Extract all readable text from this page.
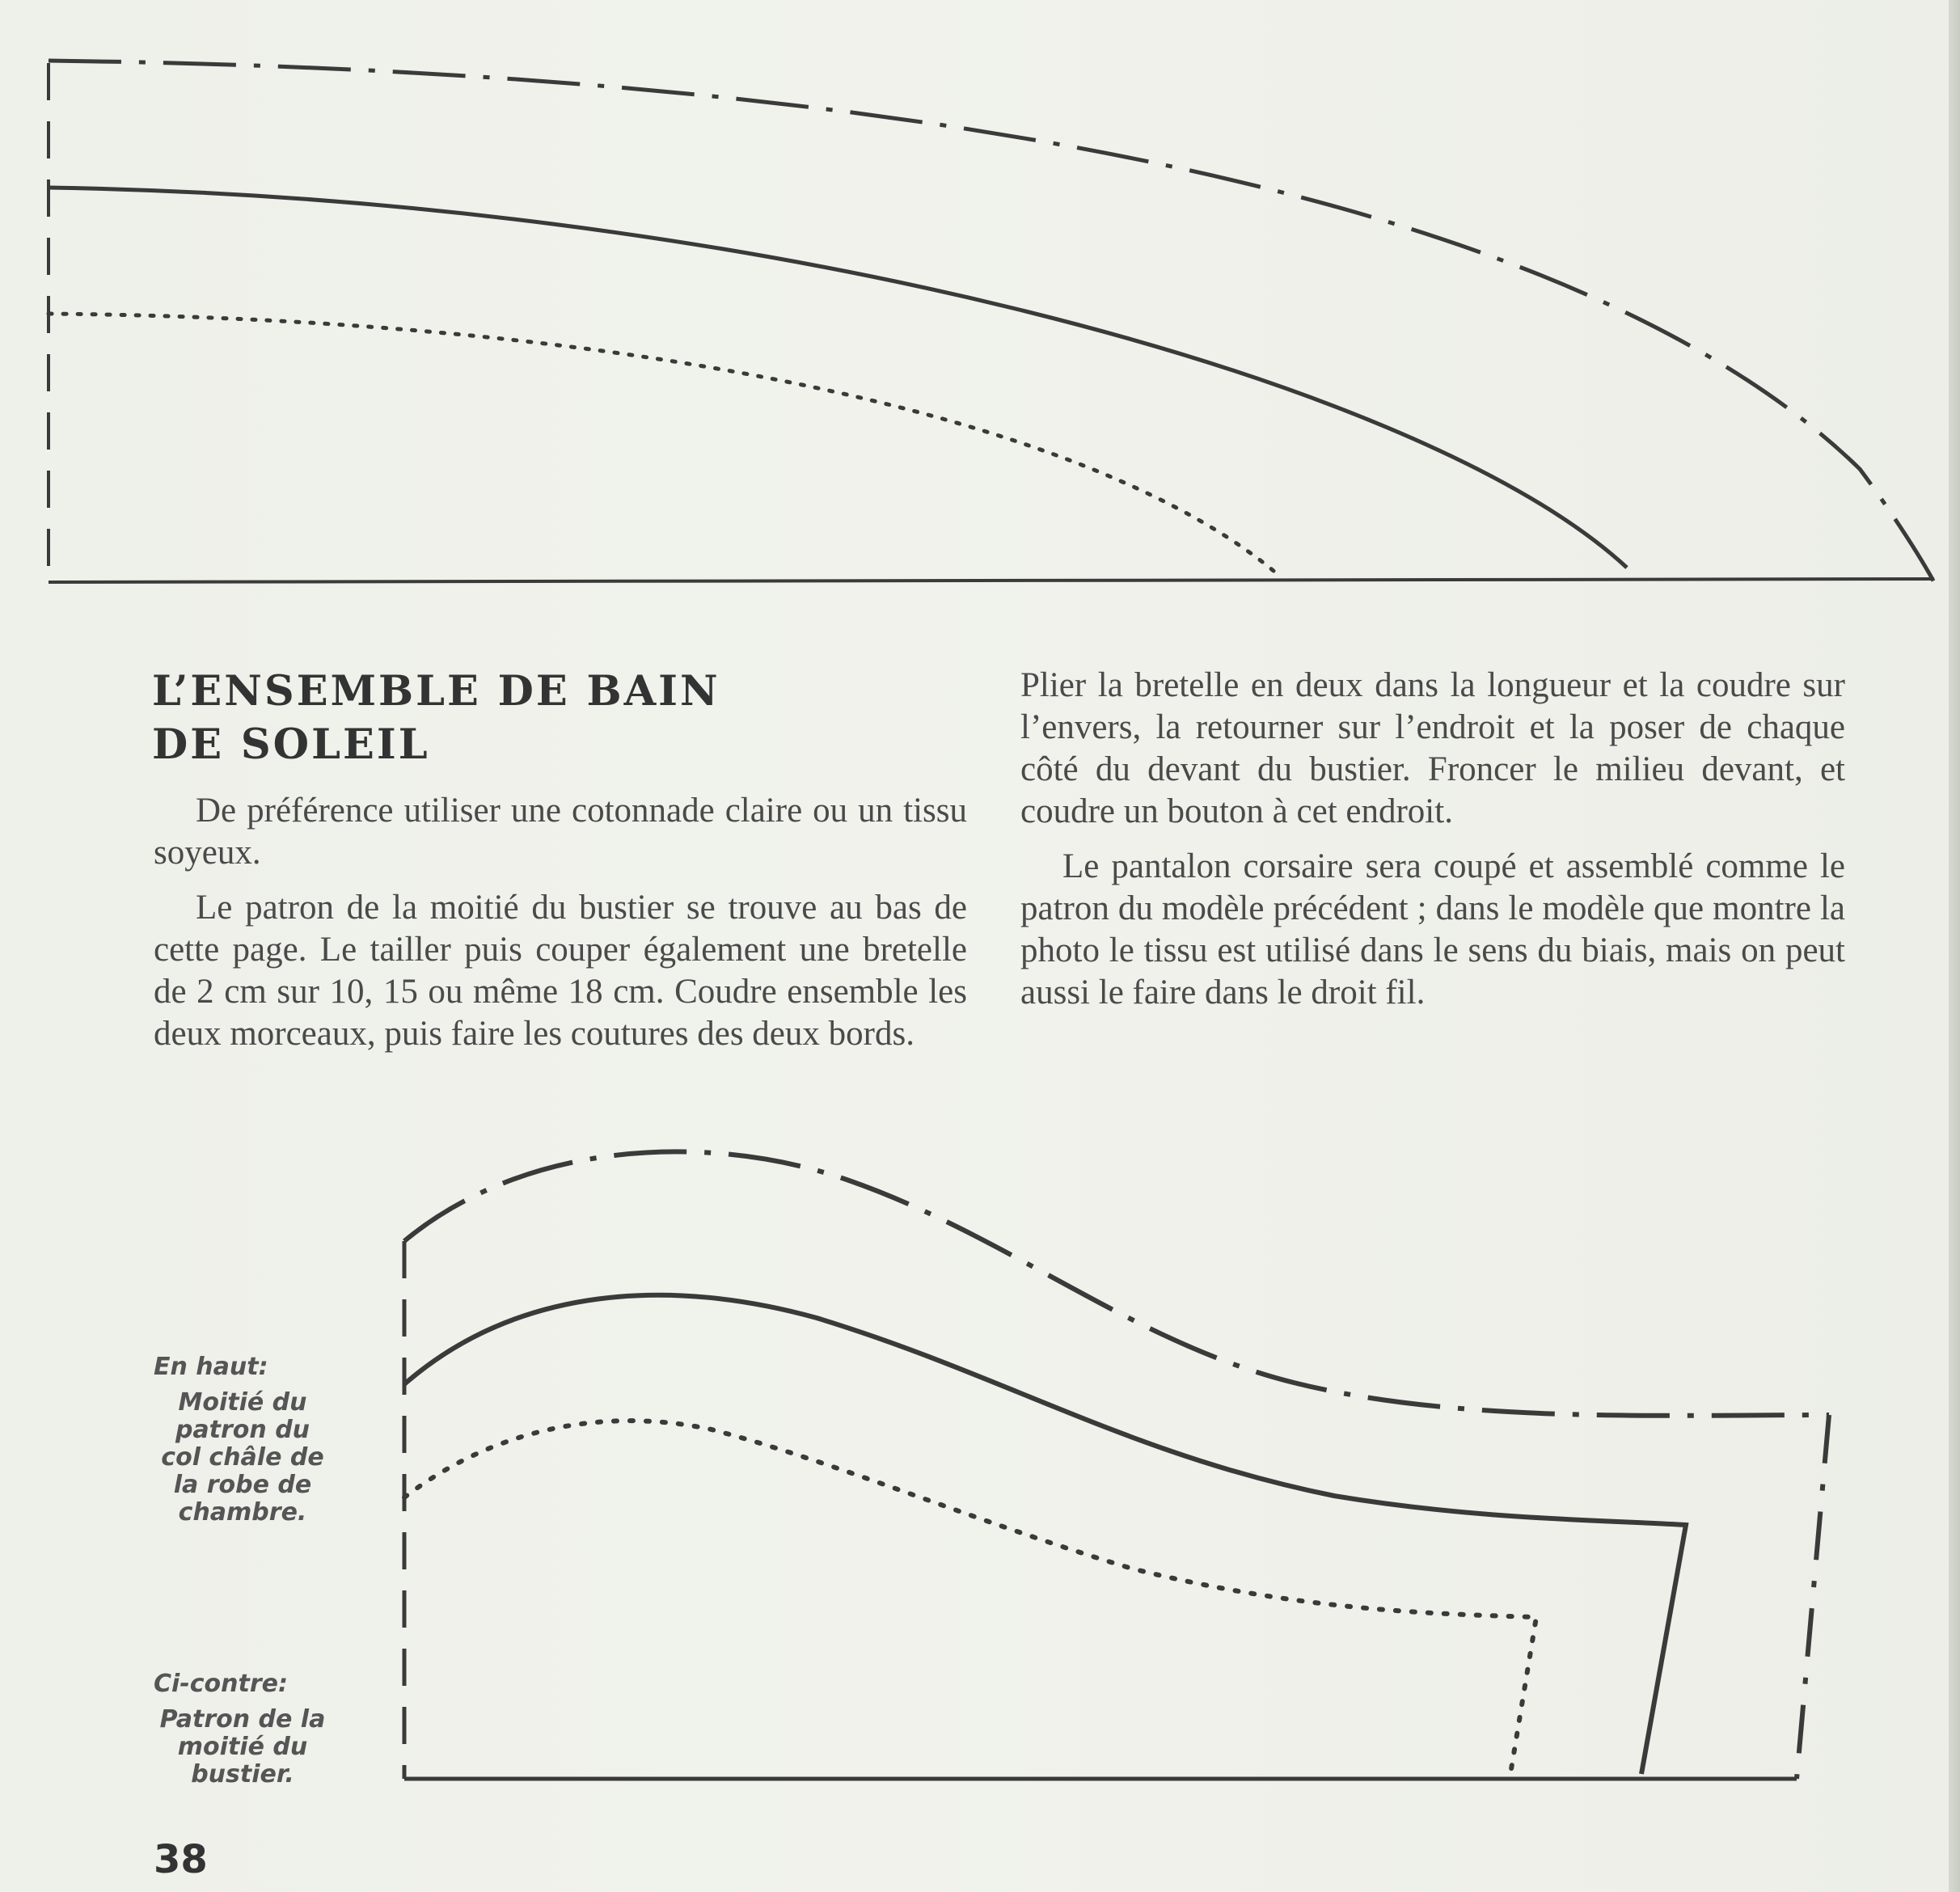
L’ENSEMBLE DE BAIN
DE SOLEIL

De préférence utiliser une cotonnade claire ou un tissu soyeux.

Le patron de la moitié du bustier se trouve au bas de cette page. Le tailler puis couper également une bretelle de 2 cm sur 10, 15 ou même 18 cm. Coudre ensemble les deux morceaux, puis faire les coutures des deux bords.

Plier la bretelle en deux dans la longueur et la coudre sur l’envers, la retourner sur l’endroit et la poser de chaque côté du devant du bustier. Froncer le milieu devant, et coudre un bouton à cet endroit.

Le pantalon corsaire sera coupé et assemblé comme le patron du modèle précédent ; dans le modèle que montre la photo le tissu est utilisé dans le sens du biais, mais on peut aussi le faire dans le droit fil.

En haut:
Moitié du patron du col châle de la robe de chambre.
Ci-contre:
Patron de la moitié du bustier.
38
